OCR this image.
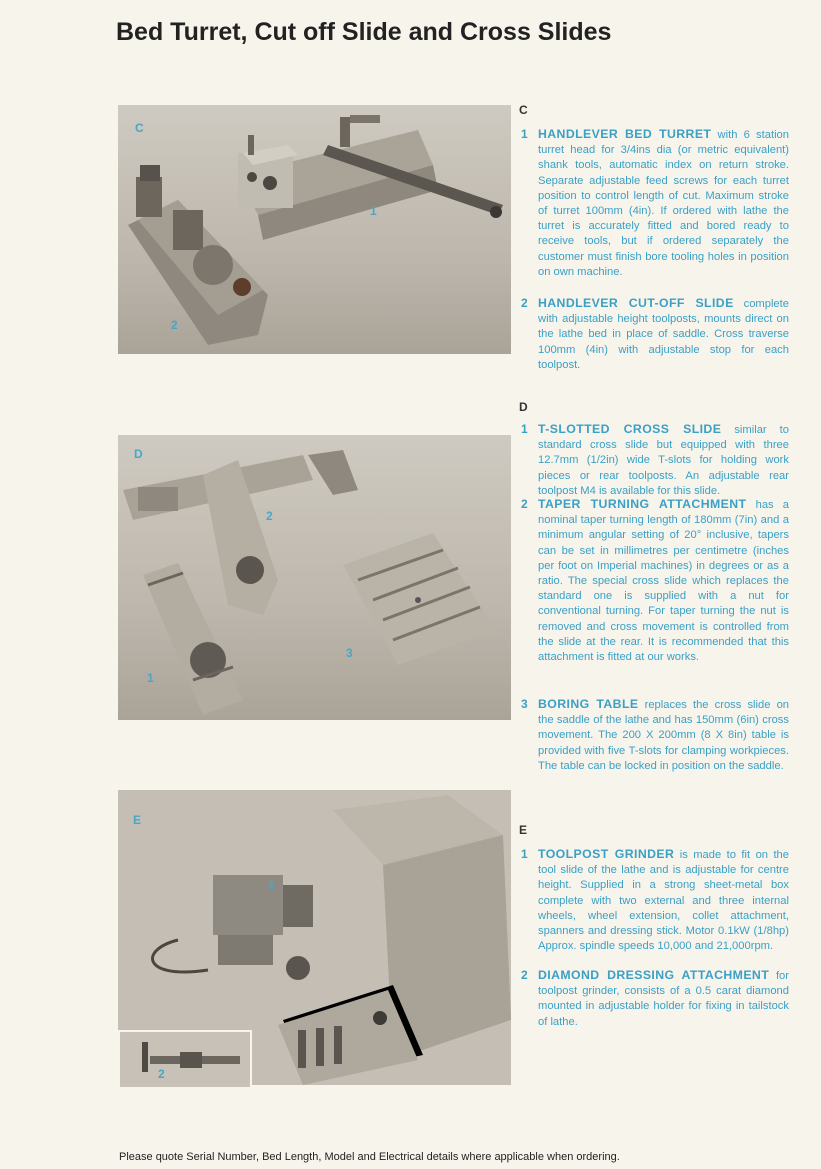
Bed Turret, Cut off Slide and Cross Slides
C
1
2
D
1
2
3
E
1
2
C
1 HANDLEVER BED TURRET with 6 station turret head for 3/4ins dia (or metric equivalent) shank tools, automatic index on return stroke. Separate adjustable feed screws for each turret position to control length of cut. Maximum stroke of turret 100mm (4in). If ordered with lathe the turret is accurately fitted and bored ready to receive tools, but if ordered separately the customer must finish bore tooling holes in position on own machine.
2 HANDLEVER CUT-OFF SLIDE complete with adjustable height toolposts, mounts direct on the lathe bed in place of saddle. Cross traverse 100mm (4in) with adjustable stop for each toolpost.
D
1 T-SLOTTED CROSS SLIDE similar to standard cross slide but equipped with three 12.7mm (1/2in) wide T-slots for holding work pieces or rear toolposts. An adjustable rear toolpost M4 is available for this slide.
2 TAPER TURNING ATTACHMENT has a nominal taper turning length of 180mm (7in) and a minimum angular setting of 20° inclusive, tapers can be set in millimetres per centimetre (inches per foot on Imperial machines) in degrees or as a ratio. The special cross slide which replaces the standard one is supplied with a nut for conventional turning. For taper turning the nut is removed and cross movement is controlled from the slide at the rear. It is recommended that this attachment is fitted at our works.
3 BORING TABLE replaces the cross slide on the saddle of the lathe and has 150mm (6in) cross movement. The 200 X 200mm (8 X 8in) table is provided with five T-slots for clamping workpieces. The table can be locked in position on the saddle.
E
1 TOOLPOST GRINDER is made to fit on the tool slide of the lathe and is adjustable for centre height. Supplied in a strong sheet-metal box complete with two external and three internal wheels, wheel extension, collet attachment, spanners and dressing stick. Motor 0.1kW (1/8hp) Approx. spindle speeds 10,000 and 21,000rpm.
2 DIAMOND DRESSING ATTACHMENT for toolpost grinder, consists of a 0.5 carat diamond mounted in adjustable holder for fixing in tailstock of lathe.
Please quote Serial Number, Bed Length, Model and Electrical details where applicable when ordering.
